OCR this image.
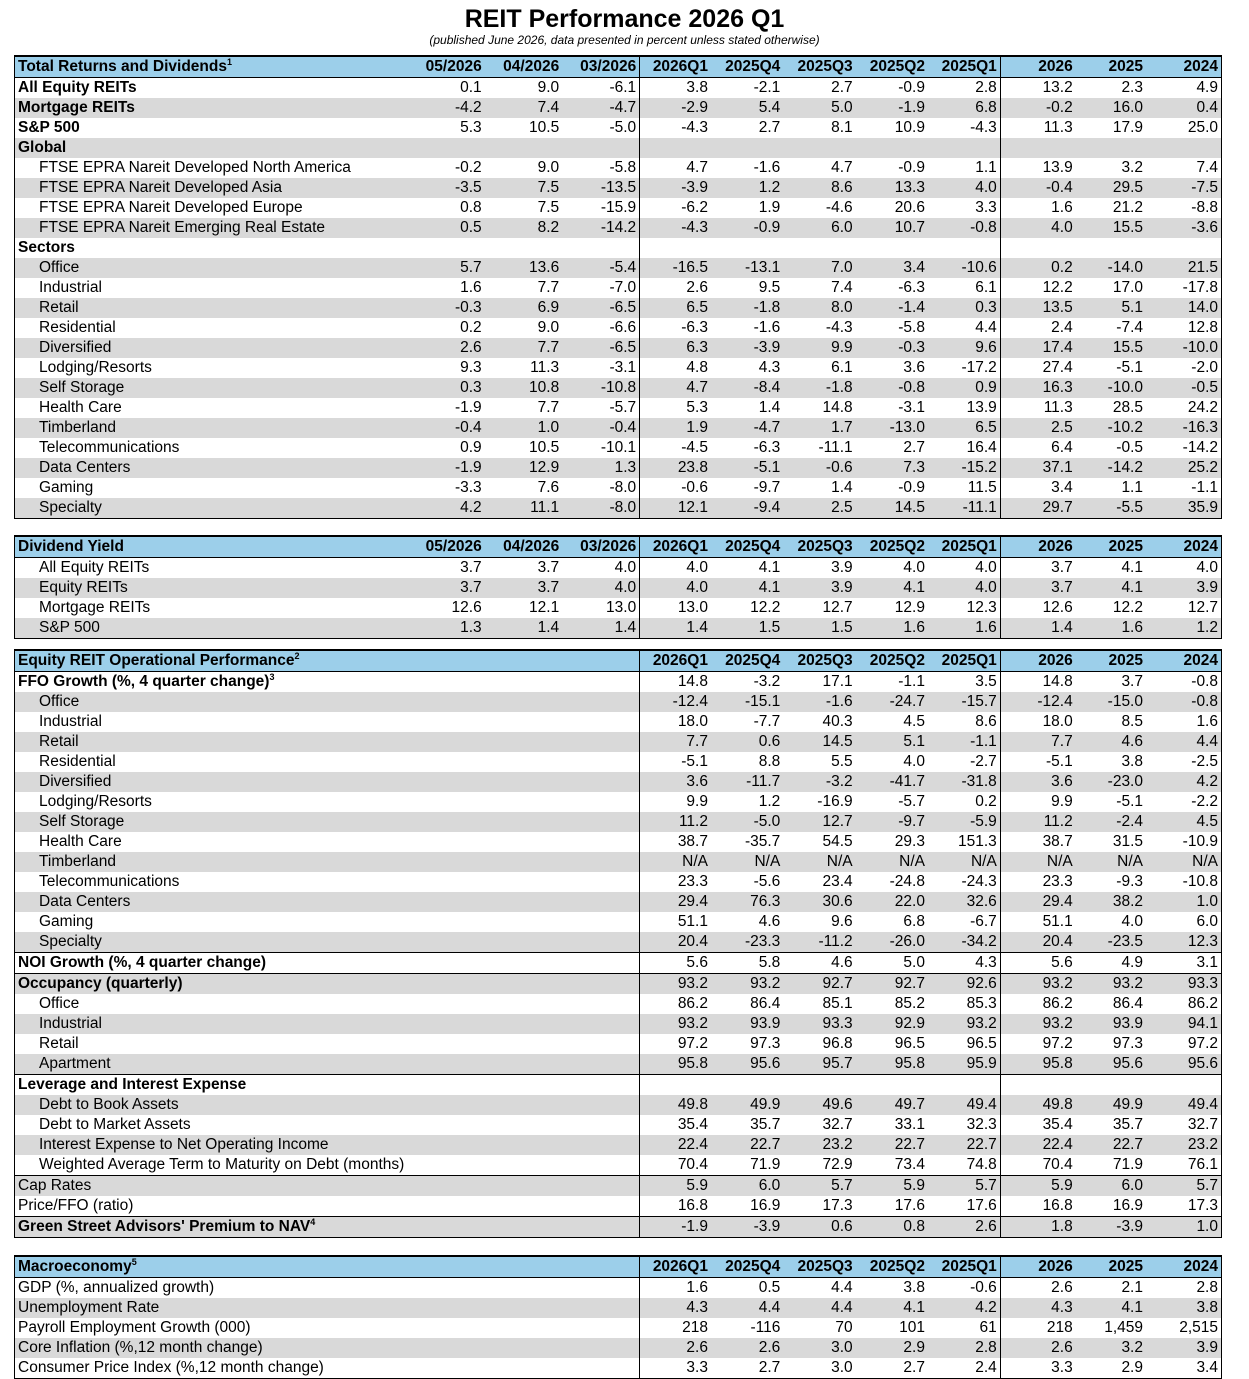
REIT Performance 2026 Q1
(published June 2026, data presented in percent unless stated otherwise)
Total Returns and Dividends$^1$	05/2026	04/2026	03/2026	2026Q1	2025Q4	2025Q3	2025Q2	2025Q1	2026	2025	2024
All Equity REITs	0.1	9.0	-6.1	3.8	-2.1	2.7	-0.9	2.8	13.2	2.3	4.9
Mortgage REITs	-4.2	7.4	-4.7	-2.9	5.4	5.0	-1.9	6.8	-0.2	16.0	0.4
S&P 500	5.3	10.5	-5.0	-4.3	2.7	8.1	10.9	-4.3	11.3	17.9	25.0
Global											
FTSE EPRA Nareit Developed North America	-0.2	9.0	-5.8	4.7	-1.6	4.7	-0.9	1.1	13.9	3.2	7.4
FTSE EPRA Nareit Developed Asia	-3.5	7.5	-13.5	-3.9	1.2	8.6	13.3	4.0	-0.4	29.5	-7.5
FTSE EPRA Nareit Developed Europe	0.8	7.5	-15.9	-6.2	1.9	-4.6	20.6	3.3	1.6	21.2	-8.8
FTSE EPRA Nareit Emerging Real Estate	0.5	8.2	-14.2	-4.3	-0.9	6.0	10.7	-0.8	4.0	15.5	-3.6
Sectors											
Office	5.7	13.6	-5.4	-16.5	-13.1	7.0	3.4	-10.6	0.2	-14.0	21.5
Industrial	1.6	7.7	-7.0	2.6	9.5	7.4	-6.3	6.1	12.2	17.0	-17.8
Retail	-0.3	6.9	-6.5	6.5	-1.8	8.0	-1.4	0.3	13.5	5.1	14.0
Residential	0.2	9.0	-6.6	-6.3	-1.6	-4.3	-5.8	4.4	2.4	-7.4	12.8
Diversified	2.6	7.7	-6.5	6.3	-3.9	9.9	-0.3	9.6	17.4	15.5	-10.0
Lodging/Resorts	9.3	11.3	-3.1	4.8	4.3	6.1	3.6	-17.2	27.4	-5.1	-2.0
Self Storage	0.3	10.8	-10.8	4.7	-8.4	-1.8	-0.8	0.9	16.3	-10.0	-0.5
Health Care	-1.9	7.7	-5.7	5.3	1.4	14.8	-3.1	13.9	11.3	28.5	24.2
Timberland	-0.4	1.0	-0.4	1.9	-4.7	1.7	-13.0	6.5	2.5	-10.2	-16.3
Telecommunications	0.9	10.5	-10.1	-4.5	-6.3	-11.1	2.7	16.4	6.4	-0.5	-14.2
Data Centers	-1.9	12.9	1.3	23.8	-5.1	-0.6	7.3	-15.2	37.1	-14.2	25.2
Gaming	-3.3	7.6	-8.0	-0.6	-9.7	1.4	-0.9	11.5	3.4	1.1	-1.1
Specialty	4.2	11.1	-8.0	12.1	-9.4	2.5	14.5	-11.1	29.7	-5.5	35.9
Dividend Yield	05/2026	04/2026	03/2026	2026Q1	2025Q4	2025Q3	2025Q2	2025Q1	2026	2025	2024
All Equity REITs	3.7	3.7	4.0	4.0	4.1	3.9	4.0	4.0	3.7	4.1	4.0
Equity REITs	3.7	3.7	4.0	4.0	4.1	3.9	4.1	4.0	3.7	4.1	3.9
Mortgage REITs	12.6	12.1	13.0	13.0	12.2	12.7	12.9	12.3	12.6	12.2	12.7
S&P 500	1.3	1.4	1.4	1.4	1.5	1.5	1.6	1.6	1.4	1.6	1.2
Equity REIT Operational Performance$^2$				2026Q1	2025Q4	2025Q3	2025Q2	2025Q1	2026	2025	2024
FFO Growth (%, 4 quarter change)$^3$				14.8	-3.2	17.1	-1.1	3.5	14.8	3.7	-0.8
Office				-12.4	-15.1	-1.6	-24.7	-15.7	-12.4	-15.0	-0.8
Industrial				18.0	-7.7	40.3	4.5	8.6	18.0	8.5	1.6
Retail				7.7	0.6	14.5	5.1	-1.1	7.7	4.6	4.4
Residential				-5.1	8.8	5.5	4.0	-2.7	-5.1	3.8	-2.5
Diversified				3.6	-11.7	-3.2	-41.7	-31.8	3.6	-23.0	4.2
Lodging/Resorts				9.9	1.2	-16.9	-5.7	0.2	9.9	-5.1	-2.2
Self Storage				11.2	-5.0	12.7	-9.7	-5.9	11.2	-2.4	4.5
Health Care				38.7	-35.7	54.5	29.3	151.3	38.7	31.5	-10.9
Timberland				N/A	N/A	N/A	N/A	N/A	N/A	N/A	N/A
Telecommunications				23.3	-5.6	23.4	-24.8	-24.3	23.3	-9.3	-10.8
Data Centers				29.4	76.3	30.6	22.0	32.6	29.4	38.2	1.0
Gaming				51.1	4.6	9.6	6.8	-6.7	51.1	4.0	6.0
Specialty				20.4	-23.3	-11.2	-26.0	-34.2	20.4	-23.5	12.3
NOI Growth (%, 4 quarter change)				5.6	5.8	4.6	5.0	4.3	5.6	4.9	3.1
Occupancy (quarterly)				93.2	93.2	92.7	92.7	92.6	93.2	93.2	93.3
Office				86.2	86.4	85.1	85.2	85.3	86.2	86.4	86.2
Industrial				93.2	93.9	93.3	92.9	93.2	93.2	93.9	94.1
Retail				97.2	97.3	96.8	96.5	96.5	97.2	97.3	97.2
Apartment				95.8	95.6	95.7	95.8	95.9	95.8	95.6	95.6
Leverage and Interest Expense											
Debt to Book Assets				49.8	49.9	49.6	49.7	49.4	49.8	49.9	49.4
Debt to Market Assets				35.4	35.7	32.7	33.1	32.3	35.4	35.7	32.7
Interest Expense to Net Operating Income				22.4	22.7	23.2	22.7	22.7	22.4	22.7	23.2
Weighted Average Term to Maturity on Debt (months)				70.4	71.9	72.9	73.4	74.8	70.4	71.9	76.1
Cap Rates				5.9	6.0	5.7	5.9	5.7	5.9	6.0	5.7
Price/FFO (ratio)				16.8	16.9	17.3	17.6	17.6	16.8	16.9	17.3
Green Street Advisors' Premium to NAV$^4$				-1.9	-3.9	0.6	0.8	2.6	1.8	-3.9	1.0
Macroeconomy$^5$				2026Q1	2025Q4	2025Q3	2025Q2	2025Q1	2026	2025	2024
GDP (%, annualized growth)				1.6	0.5	4.4	3.8	-0.6	2.6	2.1	2.8
Unemployment Rate				4.3	4.4	4.4	4.1	4.2	4.3	4.1	3.8
Payroll Employment Growth (000)				218	-116	70	101	61	218	1,459	2,515
Core Inflation (%,12 month change)				2.6	2.6	3.0	2.9	2.8	2.6	3.2	3.9
Consumer Price Index (%,12 month change)				3.3	2.7	3.0	2.7	2.4	3.3	2.9	3.4
